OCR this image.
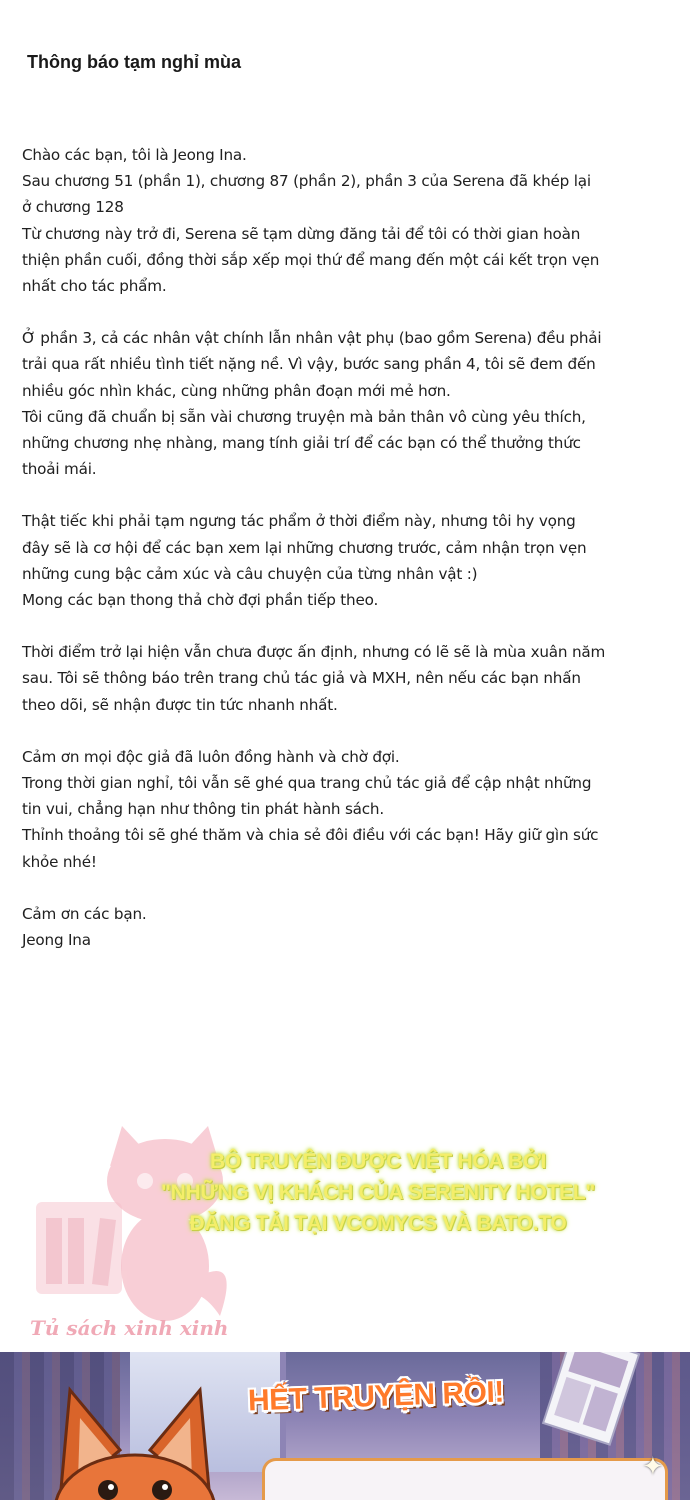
Thông báo tạm nghỉ mùa

Chào các bạn, tôi là Jeong Ina.
Sau chương 51 (phần 1), chương 87 (phần 2), phần 3 của Serena đã khép lại
ở chương 128
Từ chương này trở đi, Serena sẽ tạm dừng đăng tải để tôi có thời gian hoàn
thiện phần cuối, đồng thời sắp xếp mọi thứ để mang đến một cái kết trọn vẹn
nhất cho tác phẩm.

Ở phần 3, cả các nhân vật chính lẫn nhân vật phụ (bao gồm Serena) đều phải
trải qua rất nhiều tình tiết nặng nề. Vì vậy, bước sang phần 4, tôi sẽ đem đến
nhiều góc nhìn khác, cùng những phân đoạn mới mẻ hơn.
Tôi cũng đã chuẩn bị sẵn vài chương truyện mà bản thân vô cùng yêu thích,
những chương nhẹ nhàng, mang tính giải trí để các bạn có thể thưởng thức
thoải mái.

Thật tiếc khi phải tạm ngưng tác phẩm ở thời điểm này, nhưng tôi hy vọng
đây sẽ là cơ hội để các bạn xem lại những chương trước, cảm nhận trọn vẹn
những cung bậc cảm xúc và câu chuyện của từng nhân vật :)
Mong các bạn thong thả chờ đợi phần tiếp theo.

Thời điểm trở lại hiện vẫn chưa được ấn định, nhưng có lẽ sẽ là mùa xuân năm
sau. Tôi sẽ thông báo trên trang chủ tác giả và MXH, nên nếu các bạn nhấn
theo dõi, sẽ nhận được tin tức nhanh nhất.

Cảm ơn mọi độc giả đã luôn đồng hành và chờ đợi.
Trong thời gian nghỉ, tôi vẫn sẽ ghé qua trang chủ tác giả để cập nhật những
tin vui, chẳng hạn như thông tin phát hành sách.
Thỉnh thoảng tôi sẽ ghé thăm và chia sẻ đôi điều với các bạn! Hãy giữ gìn sức
khỏe nhé!

Cảm ơn các bạn.
Jeong Ina

BỘ TRUYỆN ĐƯỢC VIỆT HÓA BỞI
"NHỮNG VỊ KHÁCH CỦA SERENITY HOTEL"
ĐĂNG TẢI TẠI VCOMYCS VÀ BATO.TO
Tủ sách xinh xinh
HẾT TRUYỆN RỒI!
✦
